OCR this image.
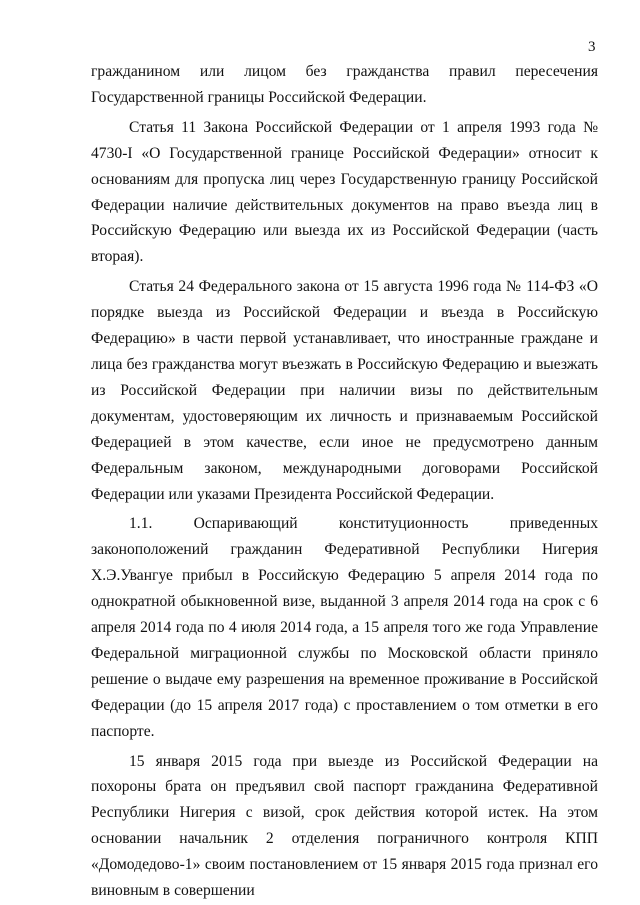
3

гражданином или лицом без гражданства правил пересечения Государственной границы Российской Федерации.

Статья 11 Закона Российской Федерации от 1 апреля 1993 года № 4730-I «О Государственной границе Российской Федерации» относит к основаниям для пропуска лиц через Государственную границу Российской Федерации наличие действительных документов на право въезда лиц в Российскую Федерацию или выезда их из Российской Федерации (часть вторая).

Статья 24 Федерального закона от 15 августа 1996 года № 114-ФЗ «О порядке выезда из Российской Федерации и въезда в Российскую Федерацию» в части первой устанавливает, что иностранные граждане и лица без гражданства могут въезжать в Российскую Федерацию и выезжать из Российской Федерации при наличии визы по действительным документам, удостоверяющим их личность и признаваемым Российской Федерацией в этом качестве, если иное не предусмотрено данным Федеральным законом, международными договорами Российской Федерации или указами Президента Российской Федерации.

1.1. Оспаривающий конституционность приведенных законоположений гражданин Федеративной Республики Нигерия Х.Э.Увангуе прибыл в Российскую Федерацию 5 апреля 2014 года по однократной обыкновенной визе, выданной 3 апреля 2014 года на срок с 6 апреля 2014 года по 4 июля 2014 года, а 15 апреля того же года Управление Федеральной миграционной службы по Московской области приняло решение о выдаче ему разрешения на временное проживание в Российской Федерации (до 15 апреля 2017 года) с проставлением о том отметки в его паспорте.

15 января 2015 года при выезде из Российской Федерации на похороны брата он предъявил свой паспорт гражданина Федеративной Республики Нигерия с визой, срок действия которой истек. На этом основании начальник 2 отделения пограничного контроля КПП «Домодедово-1» своим постановлением от 15 января 2015 года признал его виновным в совершении
